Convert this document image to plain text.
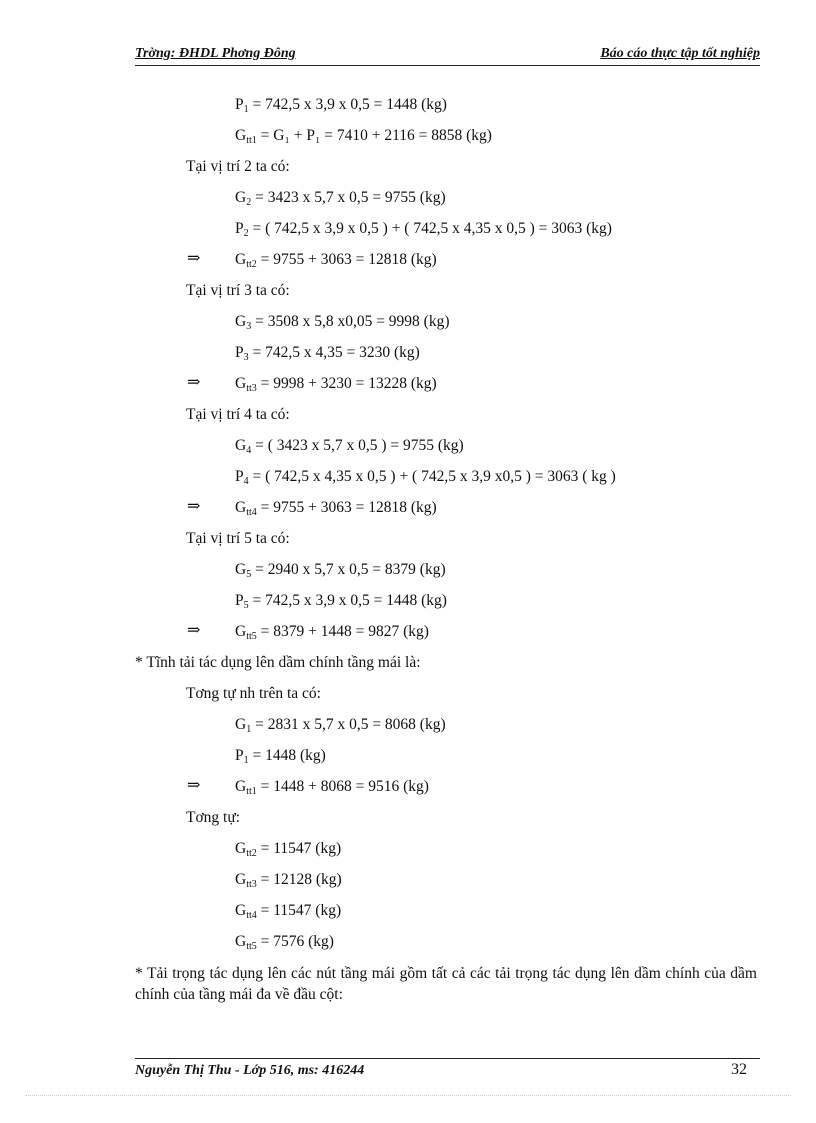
Trờng: ĐHDL Phơng Đông	Báo cáo thực tập tốt nghiệp
$P_1 = 742,5$ x 3,9 x 0,5 = 1448 (kg)
$G_{tt1} = G_1 + P_1 = 7410 + 2116 = 8858$ (kg)
Tại vị trí 2 ta có:
$G_2 = 3423$ x 5,7 x 0,5 = 9755 (kg)
$P_2$ = ( 742,5 x 3,9 x 0,5 ) + ( 742,5 x 4,35 x 0,5 ) = 3063 (kg)
⇒ $G_{tt2} = 9755 + 3063 = 12818$ (kg)
Tại vị trí 3 ta có:
$G_3 = 3508$ x 5,8 x0,05 = 9998 (kg)
$P_3 = 742,5$ x 4,35 = 3230 (kg)
⇒ $G_{tt3} = 9998 + 3230 = 13228$ (kg)
Tại vị trí 4 ta có:
$G_4$ = ( 3423 x 5,7 x 0,5 ) = 9755 (kg)
$P_4$ = ( 742,5 x 4,35 x 0,5 ) + ( 742,5 x 3,9 x0,5 ) = 3063 ( kg )
⇒ $G_{tt4} = 9755 + 3063 = 12818$ (kg)
Tại vị trí 5 ta có:
$G_5 = 2940$ x 5,7 x 0,5 = 8379 (kg)
$P_5 = 742,5$ x 3,9 x 0,5 = 1448 (kg)
⇒ $G_{tt5} = 8379 + 1448 = 9827$ (kg)
* Tĩnh tải tác dụng lên dầm chính tầng mái là:
Tơng tự nh trên ta có:
$G_1 = 2831$ x 5,7 x 0,5 = 8068 (kg)
$P_1 = 1448$ (kg)
⇒ $G_{tt1} = 1448 + 8068 = 9516$ (kg)
Tơng tự:
$G_{tt2} = 11547$ (kg)
$G_{tt3} = 12128$ (kg)
$G_{tt4} = 11547$ (kg)
$G_{tt5} = 7576$ (kg)
* Tải trọng tác dụng lên các nút tầng mái gồm tất cả các tải trọng tác dụng lên dầm chính của dầm chính của tầng mái đa về đầu cột:
Nguyễn Thị Thu - Lớp 516, ms: 416244	32
